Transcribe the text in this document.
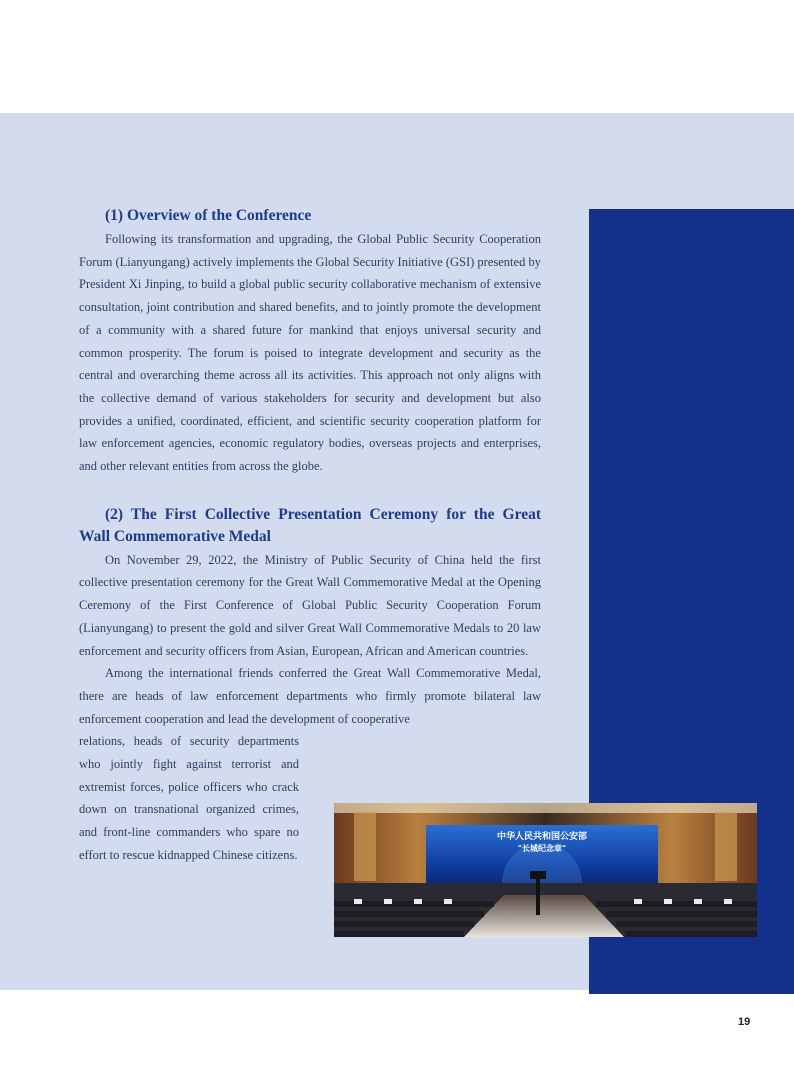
(1) Overview of the Conference

Following its transformation and upgrading, the Global Public Security Cooperation Forum (Lianyungang) actively implements the Global Security Initiative (GSI) presented by President Xi Jinping, to build a global public security collaborative mechanism of extensive consultation, joint contribution and shared benefits, and to jointly promote the development of a community with a shared future for mankind that enjoys universal security and common prosperity. The forum is poised to integrate development and security as the central and overarching theme across all its activities. This approach not only aligns with the collective demand of various stakeholders for security and development but also provides a unified, coordinated, efficient, and scientific security cooperation platform for law enforcement agencies, economic regulatory bodies, overseas projects and enterprises, and other relevant entities from across the globe.

(2) The First Collective Presentation Ceremony for the Great Wall Commemorative Medal

On November 29, 2022, the Ministry of Public Security of China held the first collective presentation ceremony for the Great Wall Commemorative Medal at the Opening Ceremony of the First Conference of Global Public Security Cooperation Forum (Lianyungang) to present the gold and silver Great Wall Commemorative Medals to 20 law enforcement and security officers from Asian, European, African and American countries.

Among the international friends conferred the Great Wall Commemorative Medal, there are heads of law enforcement departments who firmly promote bilateral law enforcement cooperation and lead the development of cooperative

relations, heads of security departments who jointly fight against terrorist and extremist forces, police officers who crack down on transnational organized crimes, and front-line commanders who spare no effort to rescue kidnapped Chinese citizens.

中华人民共和国公安部
"长城纪念章"
19
